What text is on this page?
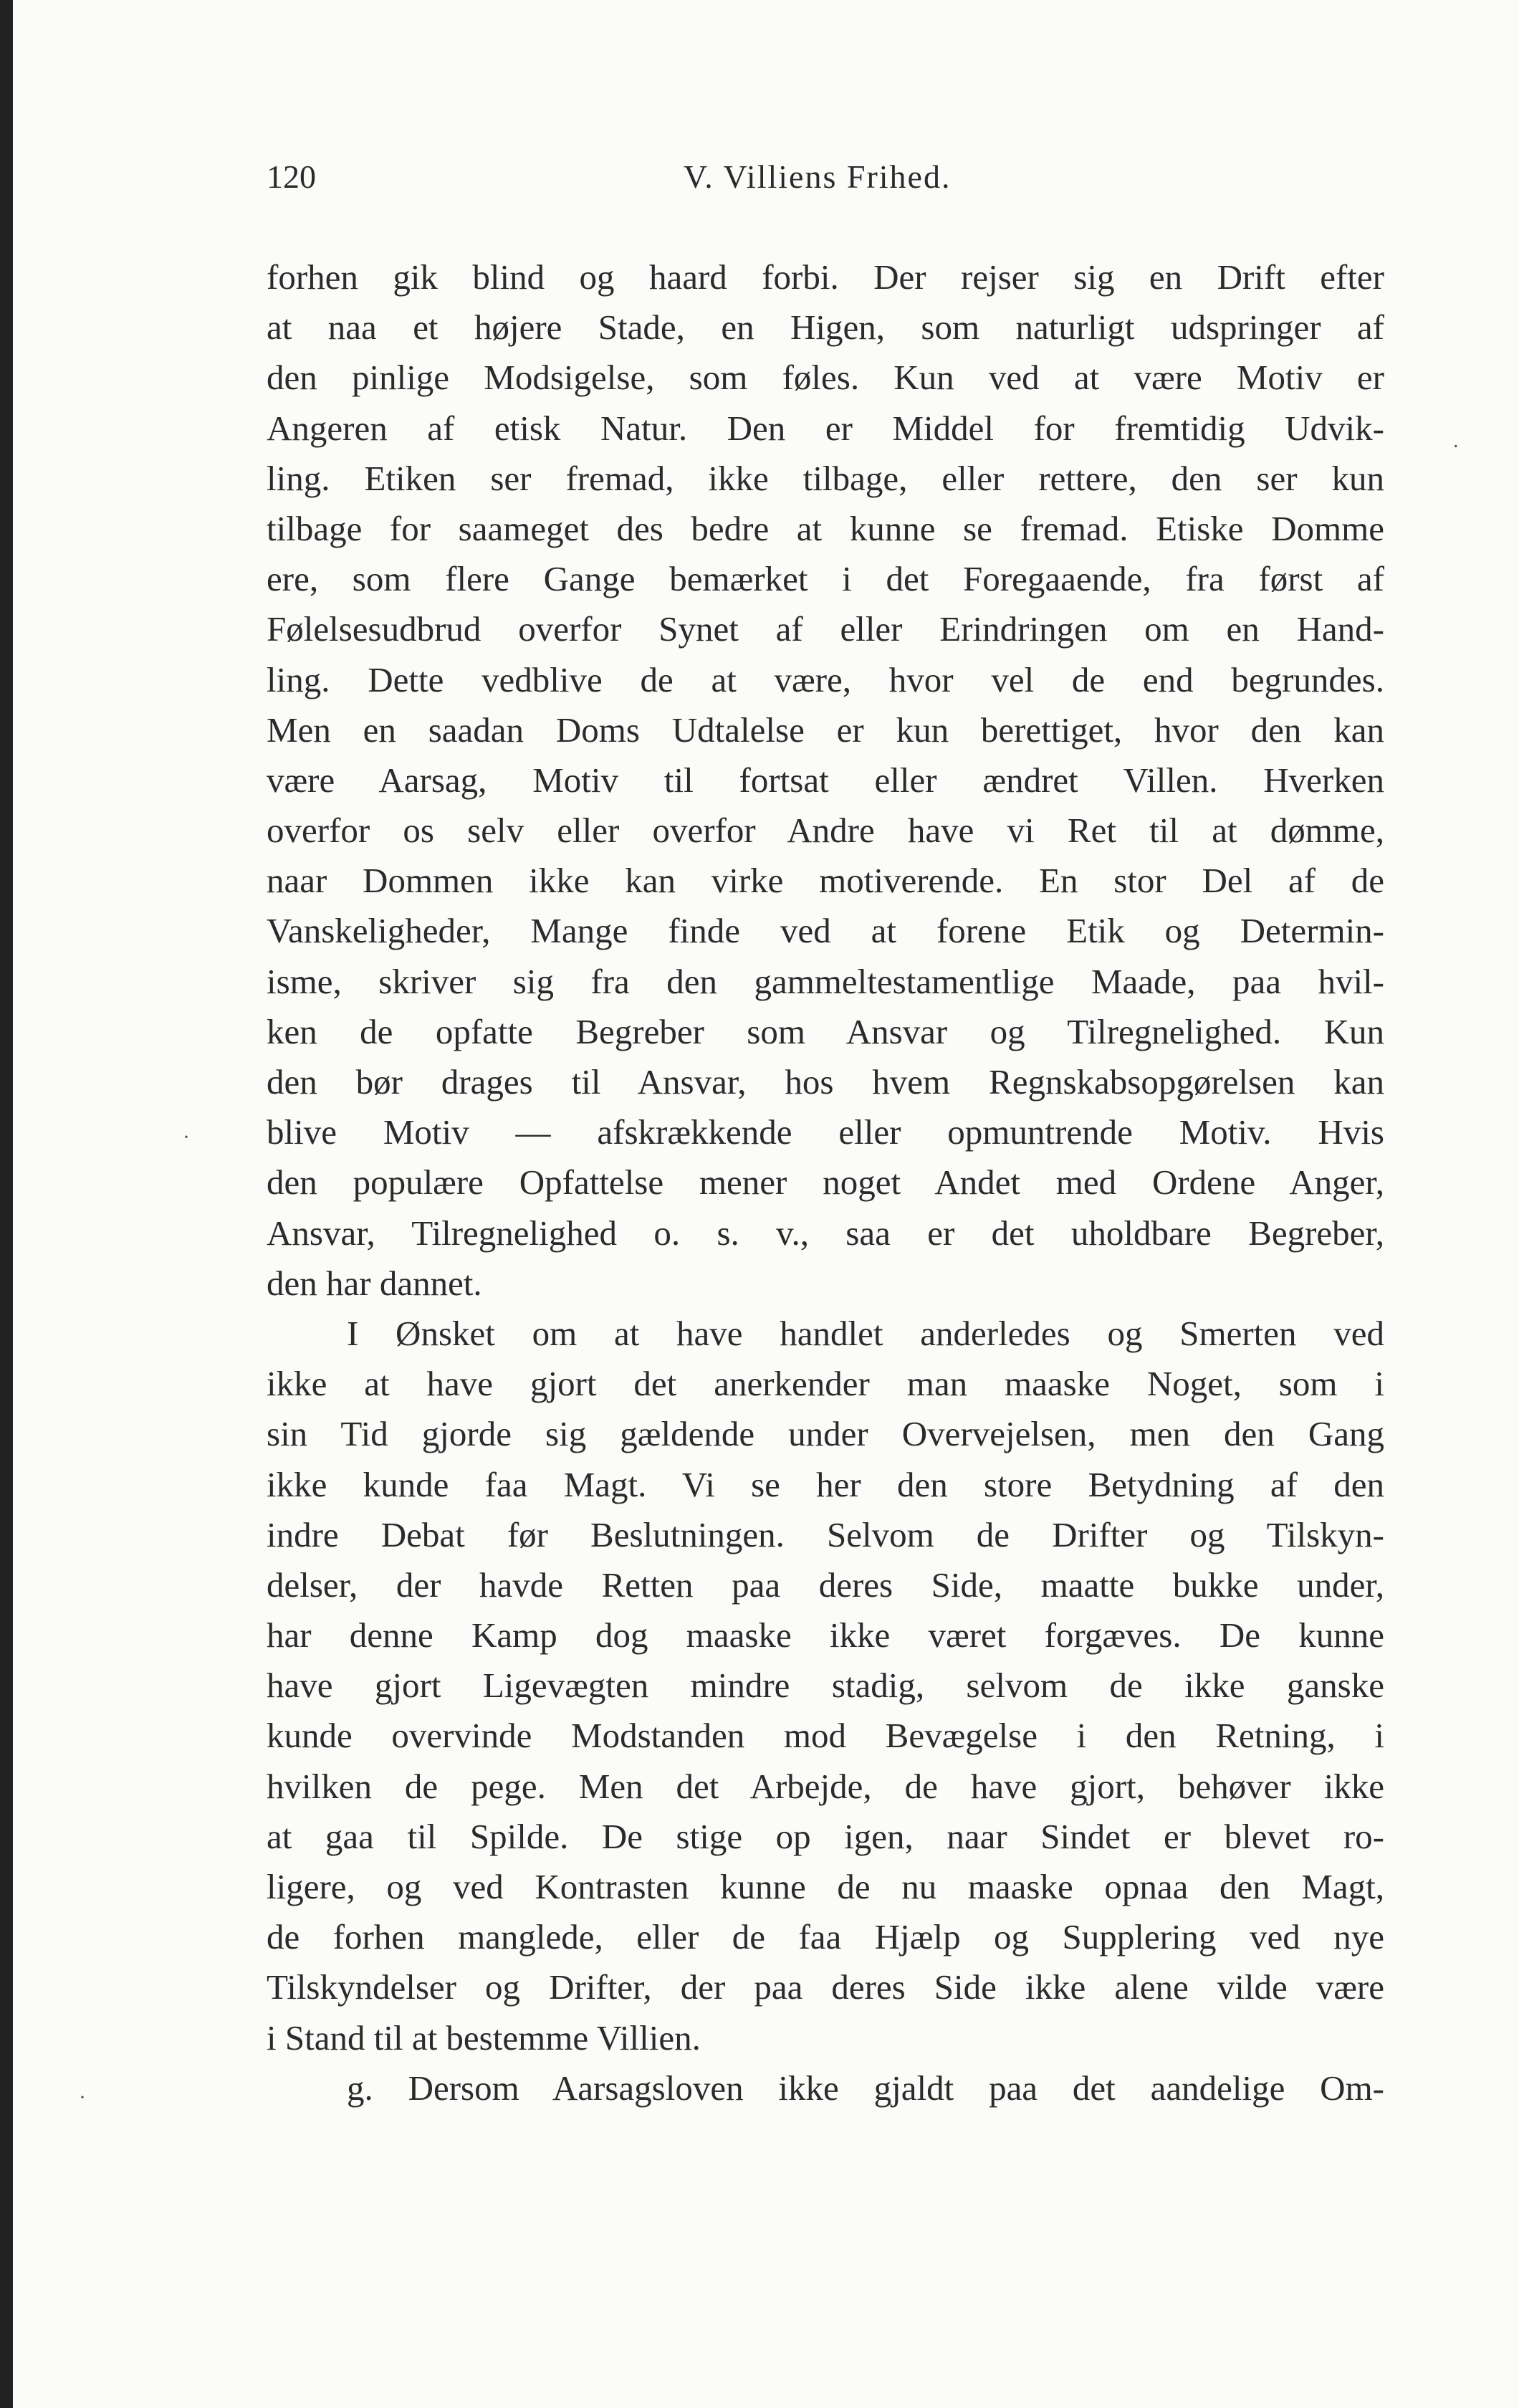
120	V. Villiens Frihed.
forhen gik blind og haard forbi. Der rejser sig en Drift efter
at naa et højere Stade, en Higen, som naturligt udspringer af
den pinlige Modsigelse, som føles. Kun ved at være Motiv er
Angeren af etisk Natur. Den er Middel for fremtidig Udvik-
ling. Etiken ser fremad, ikke tilbage, eller rettere, den ser kun
tilbage for saameget des bedre at kunne se fremad. Etiske Domme
ere, som flere Gange bemærket i det Foregaaende, fra først af
Følelsesudbrud overfor Synet af eller Erindringen om en Hand-
ling. Dette vedblive de at være, hvor vel de end begrundes.
Men en saadan Doms Udtalelse er kun berettiget, hvor den kan
være Aarsag, Motiv til fortsat eller ændret Villen. Hverken
overfor os selv eller overfor Andre have vi Ret til at dømme,
naar Dommen ikke kan virke motiverende. En stor Del af de
Vanskeligheder, Mange finde ved at forene Etik og Determin-
isme, skriver sig fra den gammeltestamentlige Maade, paa hvil-
ken de opfatte Begreber som Ansvar og Tilregnelighed. Kun
den bør drages til Ansvar, hos hvem Regnskabsopgørelsen kan
blive Motiv — afskrækkende eller opmuntrende Motiv. Hvis
den populære Opfattelse mener noget Andet med Ordene Anger,
Ansvar, Tilregnelighed o. s. v., saa er det uholdbare Begreber,
den har dannet.
I Ønsket om at have handlet anderledes og Smerten ved
ikke at have gjort det anerkender man maaske Noget, som i
sin Tid gjorde sig gældende under Overvejelsen, men den Gang
ikke kunde faa Magt. Vi se her den store Betydning af den
indre Debat før Beslutningen. Selvom de Drifter og Tilskyn-
delser, der havde Retten paa deres Side, maatte bukke under,
har denne Kamp dog maaske ikke været forgæves. De kunne
have gjort Ligevægten mindre stadig, selvom de ikke ganske
kunde overvinde Modstanden mod Bevægelse i den Retning, i
hvilken de pege. Men det Arbejde, de have gjort, behøver ikke
at gaa til Spilde. De stige op igen, naar Sindet er blevet ro-
ligere, og ved Kontrasten kunne de nu maaske opnaa den Magt,
de forhen manglede, eller de faa Hjælp og Supplering ved nye
Tilskyndelser og Drifter, der paa deres Side ikke alene vilde være
i Stand til at bestemme Villien.
g. Dersom Aarsagsloven ikke gjaldt paa det aandelige Om-
.
·
·
